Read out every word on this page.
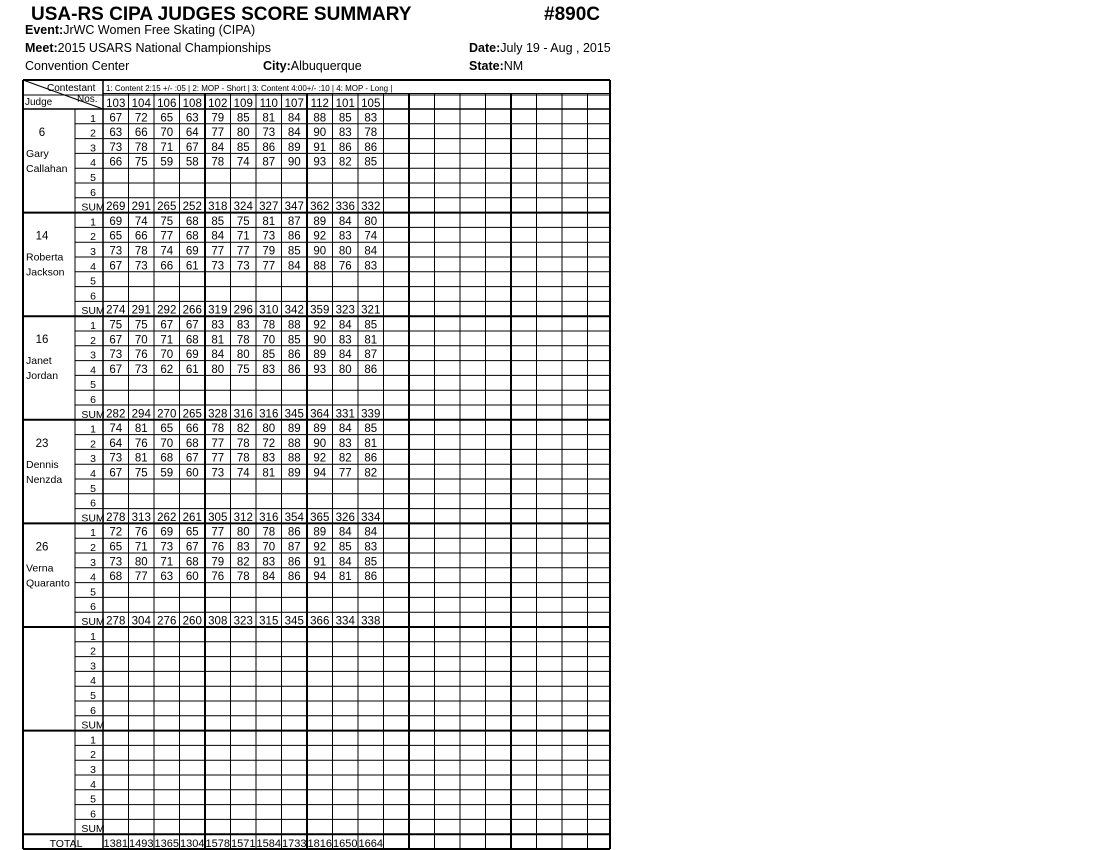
USA-RS CIPA JUDGES SCORE SUMMARY	#890C
Event:JrWC Women Free Skating (CIPA)
Meet:2015 USARS National Championships
Convention Center
Date:July 19 - Aug , 2015
City:Albuquerque	State:NM
Contestant
Nos.
Judge
1: Content 2:15 +/- :05 | 2: MOP - Short | 3: Content 4:00+/- :10 | 4: MOP - Long |
103 104 106 108 102 109 110 107 112 101 105
6
Gary
Callahan
1 67 72 65 63 79 85 81 84 88 85 83
2 63 66 70 64 77 80 73 84 90 83 78
3 73 78 71 67 84 85 86 89 91 86 86
4 66 75 59 58 78 74 87 90 93 82 85
5
6
SUM 269 291 265 252 318 324 327 347 362 336 332
14
Roberta
Jackson
1 69 74 75 68 85 75 81 87 89 84 80
2 65 66 77 68 84 71 73 86 92 83 74
3 73 78 74 69 77 77 79 85 90 80 84
4 67 73 66 61 73 73 77 84 88 76 83
5
6
SUM 274 291 292 266 319 296 310 342 359 323 321
16
Janet
Jordan
1 75 75 67 67 83 83 78 88 92 84 85
2 67 70 71 68 81 78 70 85 90 83 81
3 73 76 70 69 84 80 85 86 89 84 87
4 67 73 62 61 80 75 83 86 93 80 86
5
6
SUM 282 294 270 265 328 316 316 345 364 331 339
23
Dennis
Nenzda
1 74 81 65 66 78 82 80 89 89 84 85
2 64 76 70 68 77 78 72 88 90 83 81
3 73 81 68 67 77 78 83 88 92 82 86
4 67 75 59 60 73 74 81 89 94 77 82
5
6
SUM 278 313 262 261 305 312 316 354 365 326 334
26
Verna
Quaranto
1 72 76 69 65 77 80 78 86 89 84 84
2 65 71 73 67 76 83 70 87 92 85 83
3 73 80 71 68 79 82 83 86 91 84 85
4 68 77 63 60 76 78 84 86 94 81 86
5
6
SUM 278 304 276 260 308 323 315 345 366 334 338
1
2
3
4
5
6
SUM
1
2
3
4
5
6
SUM
TOTAL 1381 1493 1365 1304 1578 1571 1584 1733 1816 1650 1664
